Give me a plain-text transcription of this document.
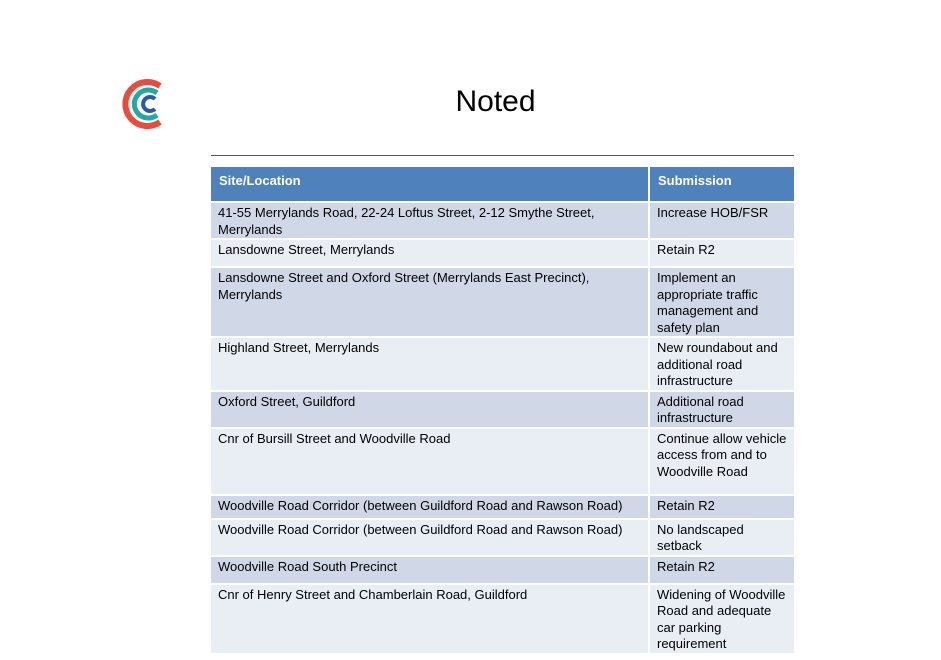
Noted
Site/Location	Submission
41-55 Merrylands Road, 22-24 Loftus Street, 2-12 Smythe Street, Merrylands	Increase HOB/FSR
Lansdowne Street, Merrylands	Retain R2
Lansdowne Street and Oxford Street (Merrylands East Precinct), Merrylands	Implement an appropriate traffic management and safety plan
Highland Street, Merrylands	New roundabout and additional road infrastructure
Oxford Street, Guildford	Additional road infrastructure
Cnr of Bursill Street and Woodville Road	Continue allow vehicle access from and to Woodville Road
Woodville Road Corridor (between Guildford Road and Rawson Road)	Retain R2
Woodville Road Corridor (between Guildford Road and Rawson Road)	No landscaped setback
Woodville Road South Precinct	Retain R2
Cnr of Henry Street and Chamberlain Road, Guildford	Widening of Woodville Road and adequate car parking requirement
